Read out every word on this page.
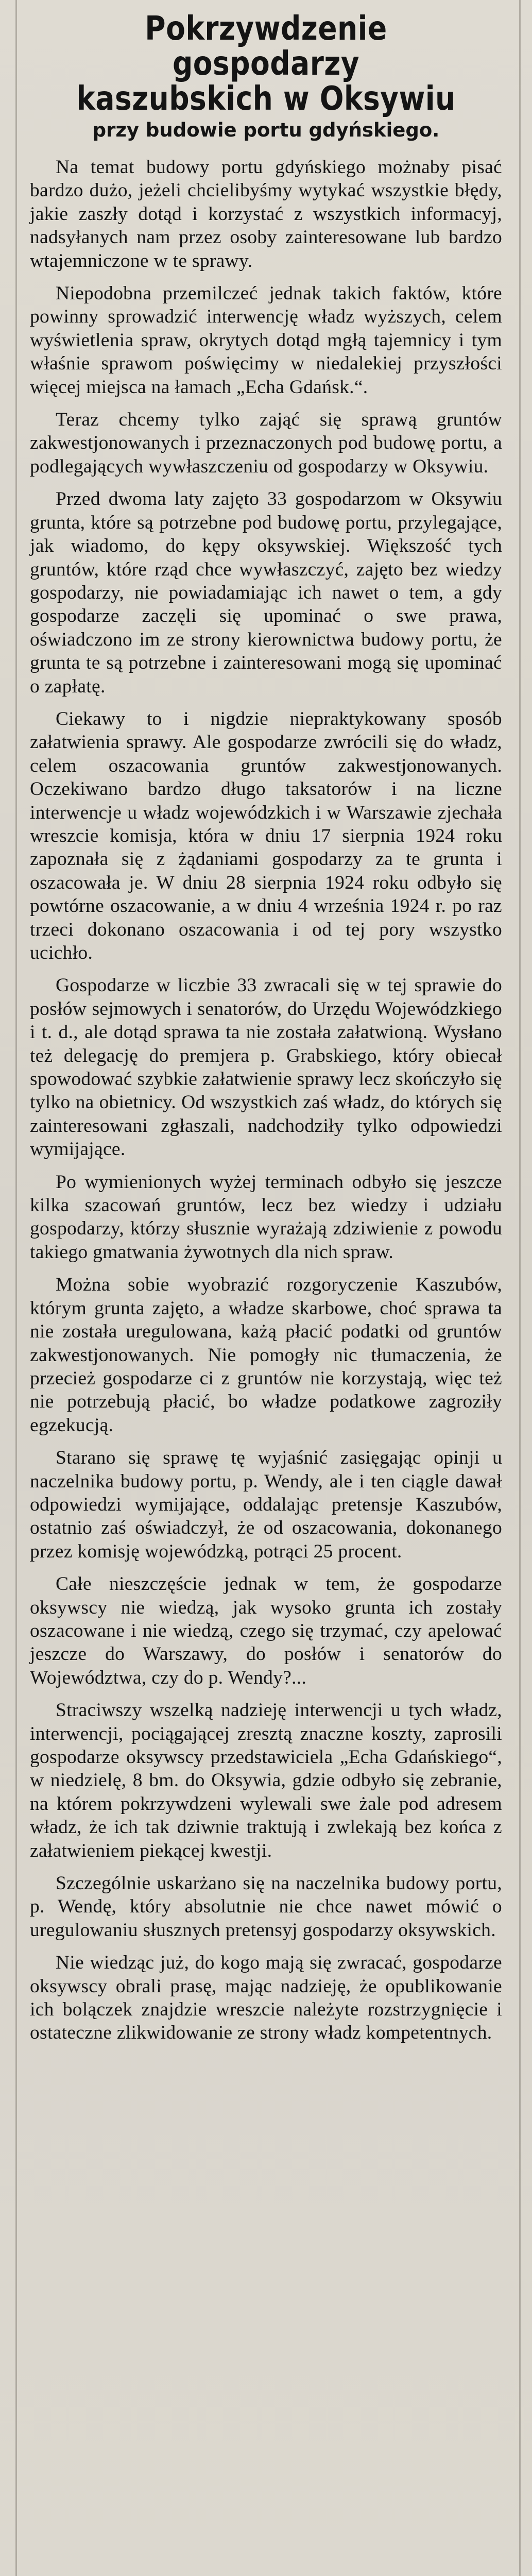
Pokrzywdzenie gospodarzy
kaszubskich w Oksywiu
przy budowie portu gdyńskiego.

Na temat budowy portu gdyńskiego możnaby pisać bardzo dużo, jeżeli chcielibyśmy wytykać wszystkie błędy, jakie zaszły dotąd i korzystać z wszystkich informacyj, nadsyłanych nam przez osoby zainteresowane lub bardzo wtajemniczone w te sprawy.

Niepodobna przemilczeć jednak takich faktów, które powinny sprowadzić interwencję władz wyższych, celem wyświetlenia spraw, okrytych dotąd mgłą tajemnicy i tym właśnie sprawom poświęcimy w niedalekiej przyszłości więcej miejsca na łamach „Echa Gdańsk.“.

Teraz chcemy tylko zająć się sprawą gruntów zakwestjonowanych i przeznaczonych pod budowę portu, a podlegających wywłaszczeniu od gospodarzy w Oksywiu.

Przed dwoma laty zajęto 33 gospodarzom w Oksywiu grunta, które są potrzebne pod budowę portu, przylegające, jak wiadomo, do kępy oksywskiej. Większość tych gruntów, które rząd chce wywłaszczyć, zajęto bez wiedzy gospodarzy, nie powiadamiając ich nawet o tem, a gdy gospodarze zaczęli się upominać o swe prawa, oświadczono im ze strony kierownictwa budowy portu, że grunta te są potrzebne i zainteresowani mogą się upominać o zapłatę.

Ciekawy to i nigdzie niepraktykowany sposób załatwienia sprawy. Ale gospodarze zwrócili się do władz, celem oszacowania gruntów zakwestjonowanych. Oczekiwano bardzo długo taksatorów i na liczne interwencje u władz wojewódzkich i w Warszawie zjechała wreszcie komisja, która w dniu 17 sierpnia 1924 roku zapoznała się z żądaniami gospodarzy za te grunta i oszacowała je. W dniu 28 sierpnia 1924 roku odbyło się powtórne oszacowanie, a w dniu 4 września 1924 r. po raz trzeci dokonano oszacowania i od tej pory wszystko ucichło.

Gospodarze w liczbie 33 zwracali się w tej sprawie do posłów sejmowych i senatorów, do Urzędu Wojewódzkiego i t. d., ale dotąd sprawa ta nie została załatwioną. Wysłano też delegację do premjera p. Grabskiego, który obiecał spowodować szybkie załatwienie sprawy lecz skończyło się tylko na obietnicy. Od wszystkich zaś władz, do których się zainteresowani zgłaszali, nadchodziły tylko odpowiedzi wymijające.

Po wymienionych wyżej terminach odbyło się jeszcze kilka szacowań gruntów, lecz bez wiedzy i udziału gospodarzy, którzy słusznie wyrażają zdziwienie z powodu takiego gmatwania żywotnych dla nich spraw.

Można sobie wyobrazić rozgoryczenie Kaszubów, którym grunta zajęto, a władze skarbowe, choć sprawa ta nie została uregulowana, każą płacić podatki od gruntów zakwestjonowanych. Nie pomogły nic tłumaczenia, że przecież gospodarze ci z gruntów nie korzystają, więc też nie potrzebują płacić, bo władze podatkowe zagroziły egzekucją.

Starano się sprawę tę wyjaśnić zasięgając opinji u naczelnika budowy portu, p. Wendy, ale i ten ciągle dawał odpowiedzi wymijające, oddalając pretensje Kaszubów, ostatnio zaś oświadczył, że od oszacowania, dokonanego przez komisję wojewódzką, potrąci 25 procent.

Całe nieszczęście jednak w tem, że gospodarze oksywscy nie wiedzą, jak wysoko grunta ich zostały oszacowane i nie wiedzą, czego się trzymać, czy apelować jeszcze do Warszawy, do posłów i senatorów do Województwa, czy do p. Wendy?...

Straciwszy wszelką nadzieję interwencji u tych władz, interwencji, pociągającej zresztą znaczne koszty, zaprosili gospodarze oksywscy przedstawiciela „Echa Gdańskiego“, w niedzielę, 8 bm. do Oksywia, gdzie odbyło się zebranie, na którem pokrzywdzeni wylewali swe żale pod adresem władz, że ich tak dziwnie traktują i zwlekają bez końca z załatwieniem piekącej kwestji.

Szczególnie uskarżano się na naczelnika budowy portu, p. Wendę, który absolutnie nie chce nawet mówić o uregulowaniu słusznych pretensyj gospodarzy oksywskich.

Nie wiedząc już, do kogo mają się zwracać, gospodarze oksywscy obrali prasę, mając nadzieję, że opublikowanie ich bolączek znajdzie wreszcie należyte rozstrzygnięcie i ostateczne zlikwidowanie ze strony władz kompetentnych.
